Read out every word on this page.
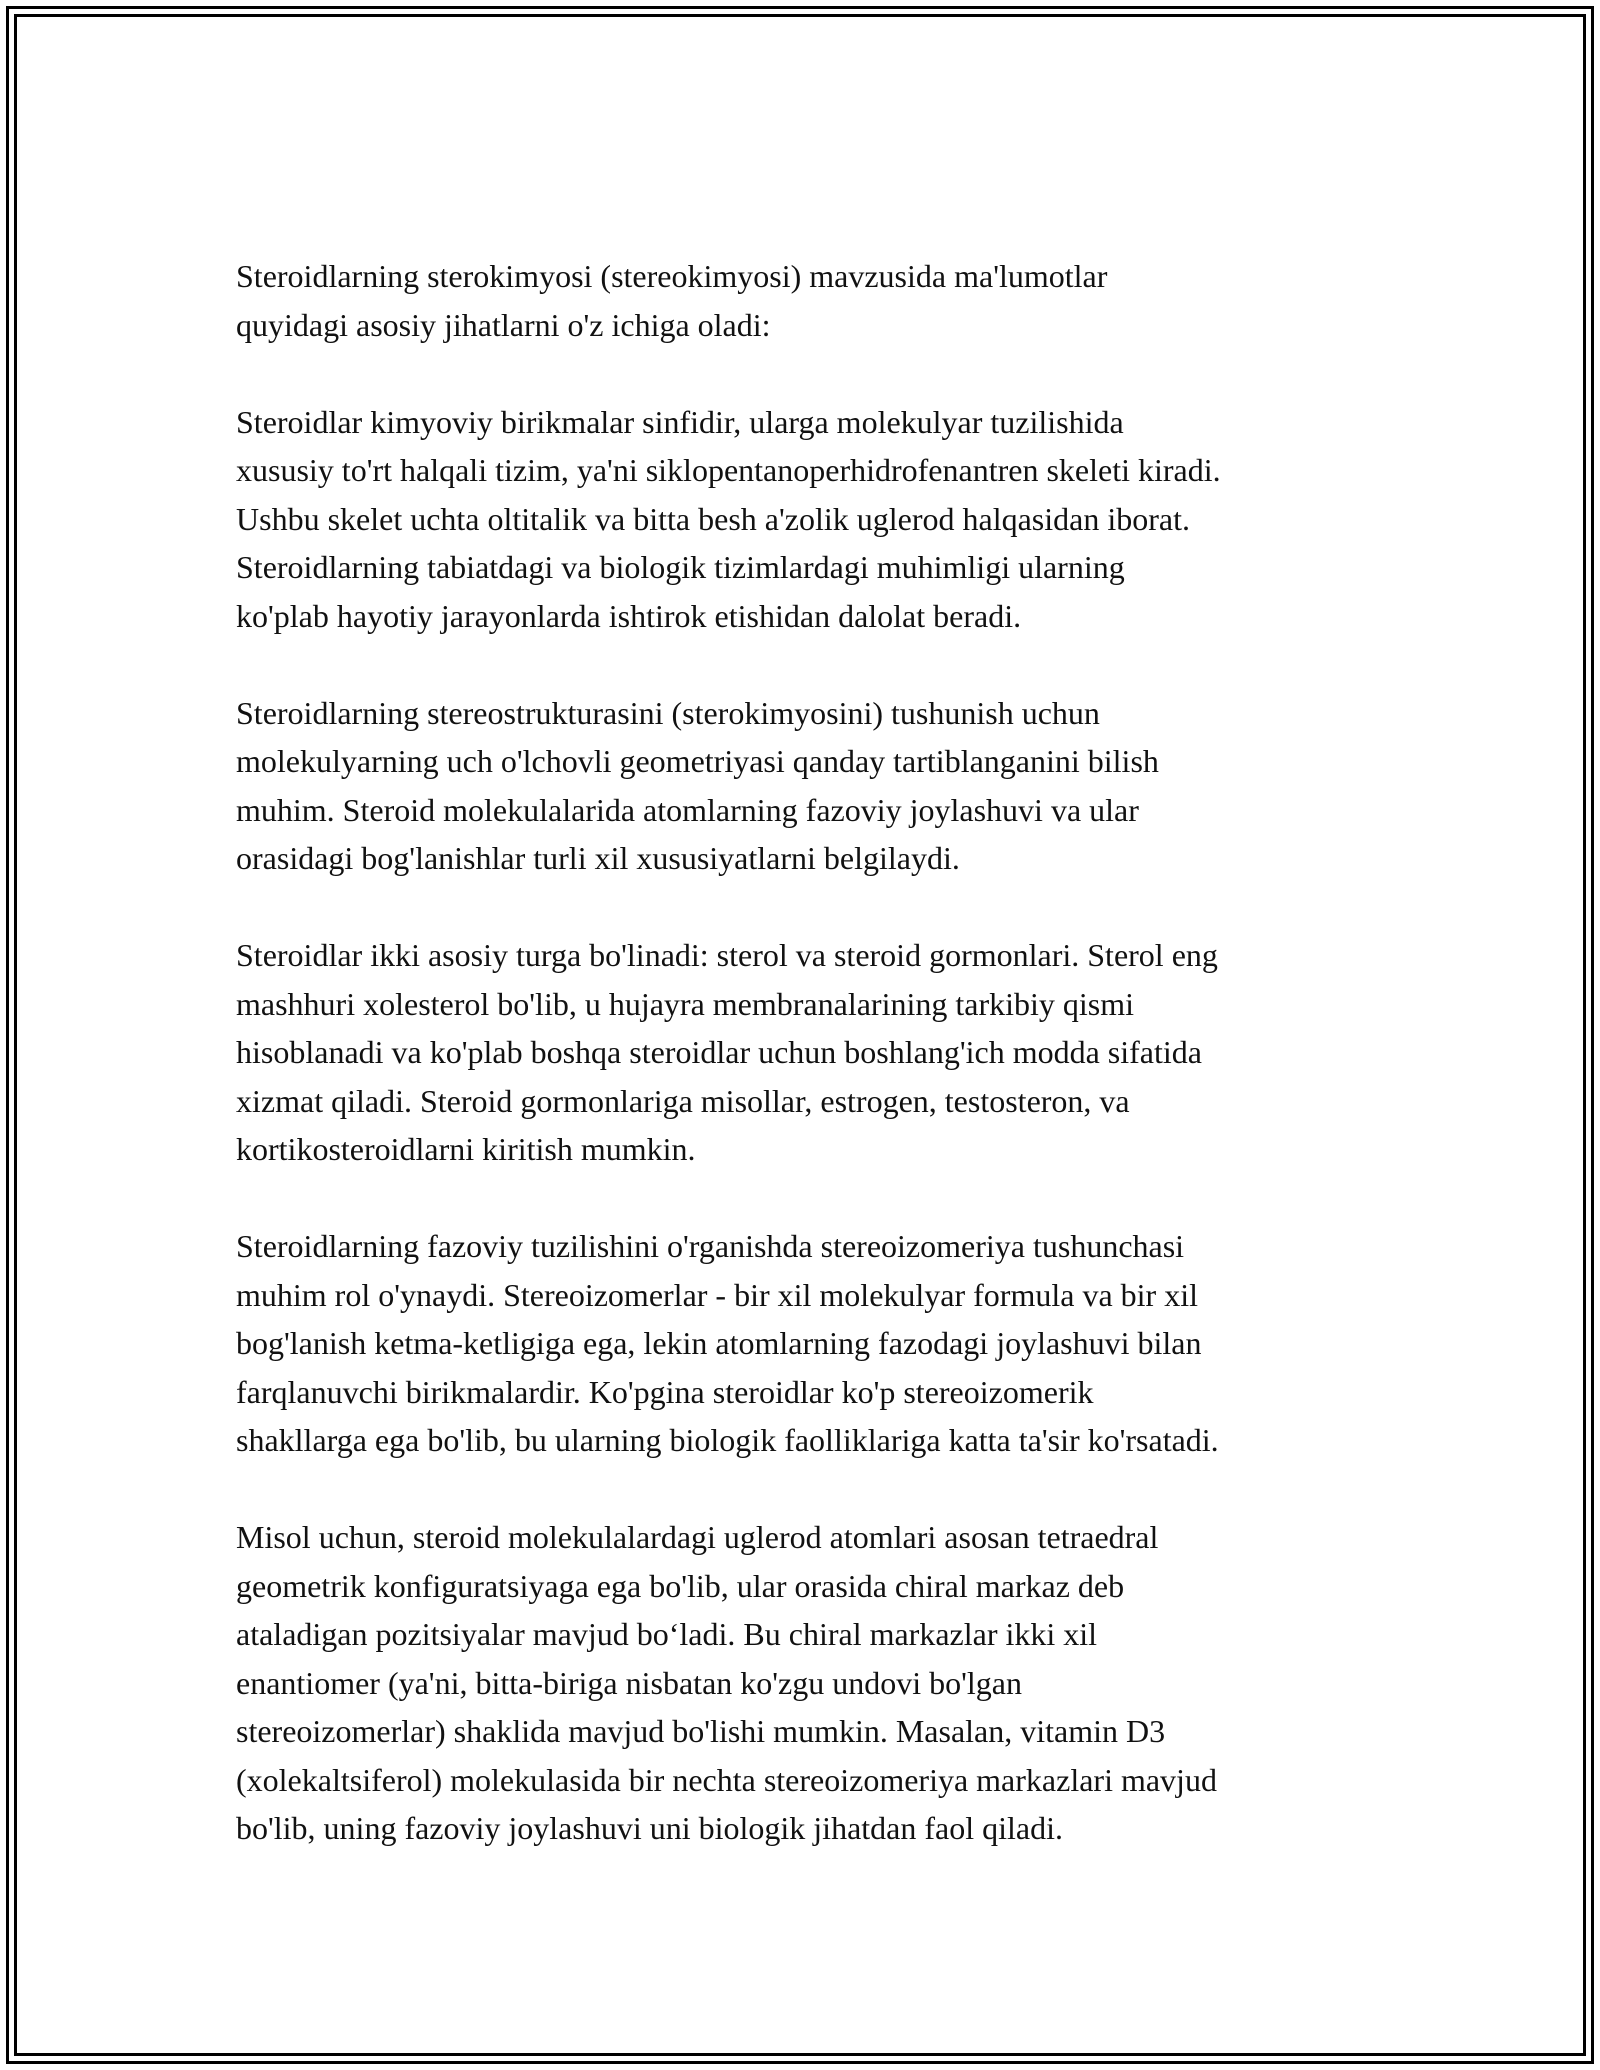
Steroidlarning sterokimyosi (stereokimyosi) mavzusida ma'lumotlar
quyidagi asosiy jihatlarni o'z ichiga oladi:

Steroidlar kimyoviy birikmalar sinfidir, ularga molekulyar tuzilishida
xususiy to'rt halqali tizim, ya'ni siklopentanoperhidrofenantren skeleti kiradi.
Ushbu skelet uchta oltitalik va bitta besh a'zolik uglerod halqasidan iborat.
Steroidlarning tabiatdagi va biologik tizimlardagi muhimligi ularning
ko'plab hayotiy jarayonlarda ishtirok etishidan dalolat beradi.

Steroidlarning stereostrukturasini (sterokimyosini) tushunish uchun
molekulyarning uch o'lchovli geometriyasi qanday tartiblanganini bilish
muhim. Steroid molekulalarida atomlarning fazoviy joylashuvi va ular
orasidagi bog'lanishlar turli xil xususiyatlarni belgilaydi.

Steroidlar ikki asosiy turga bo'linadi: sterol va steroid gormonlari. Sterol eng
mashhuri xolesterol bo'lib, u hujayra membranalarining tarkibiy qismi
hisoblanadi va ko'plab boshqa steroidlar uchun boshlang'ich modda sifatida
xizmat qiladi. Steroid gormonlariga misollar, estrogen, testosteron, va
kortikosteroidlarni kiritish mumkin.

Steroidlarning fazoviy tuzilishini o'rganishda stereoizomeriya tushunchasi
muhim rol o'ynaydi. Stereoizomerlar - bir xil molekulyar formula va bir xil
bog'lanish ketma-ketligiga ega, lekin atomlarning fazodagi joylashuvi bilan
farqlanuvchi birikmalardir. Ko'pgina steroidlar ko'p stereoizomerik
shakllarga ega bo'lib, bu ularning biologik faolliklariga katta ta'sir ko'rsatadi.

Misol uchun, steroid molekulalardagi uglerod atomlari asosan tetraedral
geometrik konfiguratsiyaga ega bo'lib, ular orasida chiral markaz deb
ataladigan pozitsiyalar mavjud bo‘ladi. Bu chiral markazlar ikki xil
enantiomer (ya'ni, bitta-biriga nisbatan ko'zgu undovi bo'lgan
stereoizomerlar) shaklida mavjud bo'lishi mumkin. Masalan, vitamin D3
(xolekaltsiferol) molekulasida bir nechta stereoizomeriya markazlari mavjud
bo'lib, uning fazoviy joylashuvi uni biologik jihatdan faol qiladi.
